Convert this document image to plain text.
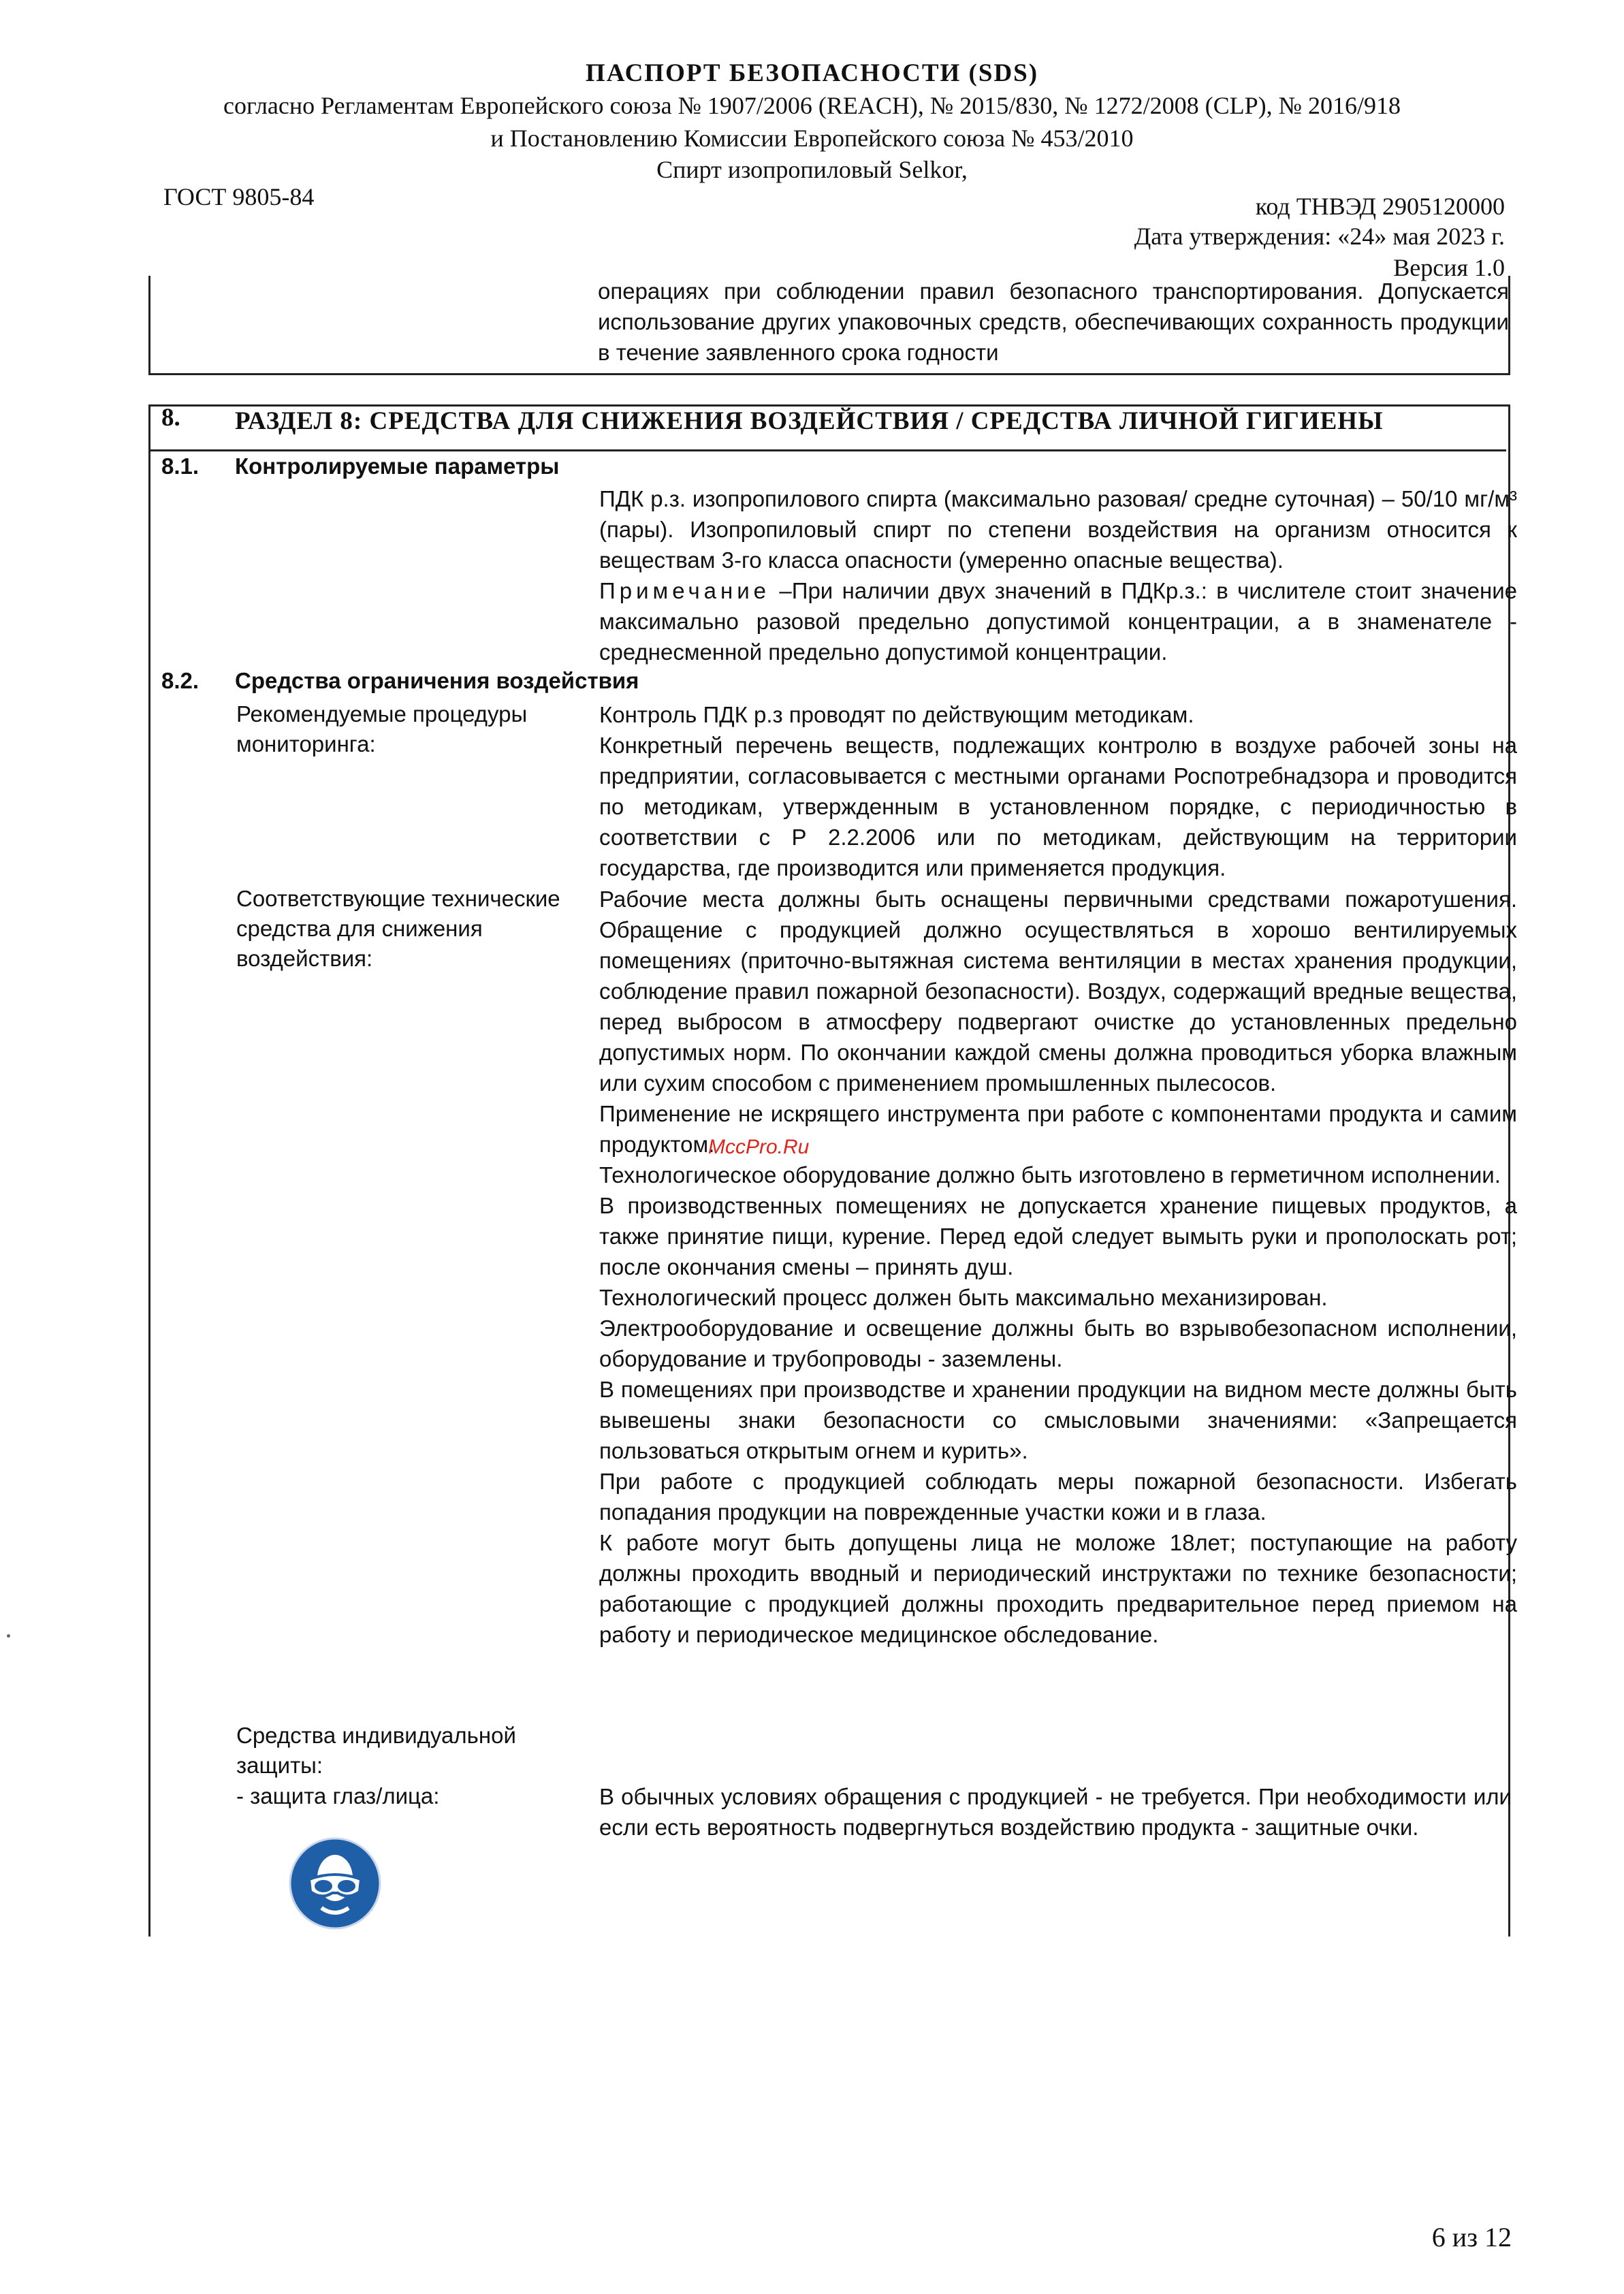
ПАСПОРТ БЕЗОПАСНОСТИ (SDS)
согласно Регламентам Европейского союза № 1907/2006 (REACH), № 2015/830, № 1272/2008 (CLP), № 2016/918
и Постановлению Комиссии Европейского союза № 453/2010
Спирт изопропиловый Selkor,
ГОСТ 9805-84	код ТНВЭД 2905120000
Дата утверждения: «24» мая 2023 г.
Версия 1.0
операциях при соблюдении правил безопасного транспортирования. Допускается использование других упаковочных средств, обеспечивающих сохранность продукции в течение заявленного срока годности
8. РАЗДЕЛ 8: СРЕДСТВА ДЛЯ СНИЖЕНИЯ ВОЗДЕЙСТВИЯ / СРЕДСТВА ЛИЧНОЙ ГИГИЕНЫ
8.1. Контролируемые параметры

ПДК р.з. изопропилового спирта (максимально разовая/ средне суточная) – 50/10 мг/м³ (пары). Изопропиловый спирт по степени воздействия на организм относится к веществам 3-го класса опасности (умеренно опасные вещества).

Примечание –При наличии двух значений в ПДКр.з.: в числителе стоит значение максимально разовой предельно допустимой концентрации, а в знаменателе - среднесменной предельно допустимой концентрации.

8.2. Средства ограничения воздействия
Рекомендуемые процедуры мониторинга:

Контроль ПДК р.з проводят по действующим методикам.

Конкретный перечень веществ, подлежащих контролю в воздухе рабочей зоны на предприятии, согласовывается с местными органами Роспотребнадзора и проводится по методикам, утвержденным в установленном порядке, с периодичностью в соответствии с Р 2.2.2006 или по методикам, действующим на территории государства, где производится или применяется продукция.

Соответствующие технические средства для снижения воздействия:

Рабочие места должны быть оснащены первичными средствами пожаротушения. Обращение с продукцией должно осуществляться в хорошо вентилируемых помещениях (приточно-вытяжная система вентиляции в местах хранения продукции, соблюдение правил пожарной безопасности). Воздух, содержащий вредные вещества, перед выбросом в атмосферу подвергают очистке до установленных предельно допустимых норм. По окончании каждой смены должна проводиться уборка влажным или сухим способом с применением промышленных пылесосов.

Применение не искрящего инструмента при работе с компонентами продукта и самим продуктом.

Технологическое оборудование должно быть изготовлено в герметичном исполнении.

В производственных помещениях не допускается хранение пищевых продуктов, а также принятие пищи, курение. Перед едой следует вымыть руки и прополоскать рот; после окончания смены – принять душ.

Технологический процесс должен быть максимально механизирован.

Электрооборудование и освещение должны быть во взрывобезопасном исполнении, оборудование и трубопроводы - заземлены.

В помещениях при производстве и хранении продукции на видном месте должны быть вывешены знаки безопасности со смысловыми значениями: «Запрещается пользоваться открытым огнем и курить».

При работе с продукцией соблюдать меры пожарной безопасности. Избегать попадания продукции на поврежденные участки кожи и в глаза.

К работе могут быть допущены лица не моложе 18лет; поступающие на работу должны проходить вводный и периодический инструктажи по технике безопасности; работающие с продукцией должны проходить предварительное перед приемом на работу и периодическое медицинское обследование.

Средства индивидуальной защиты:
- защита глаз/лица:	В обычных условиях обращения с продукцией - не требуется. При необходимости или если есть вероятность подвергнуться воздействию продукта - защитные очки.

MccPro.Ru
6 из 12
